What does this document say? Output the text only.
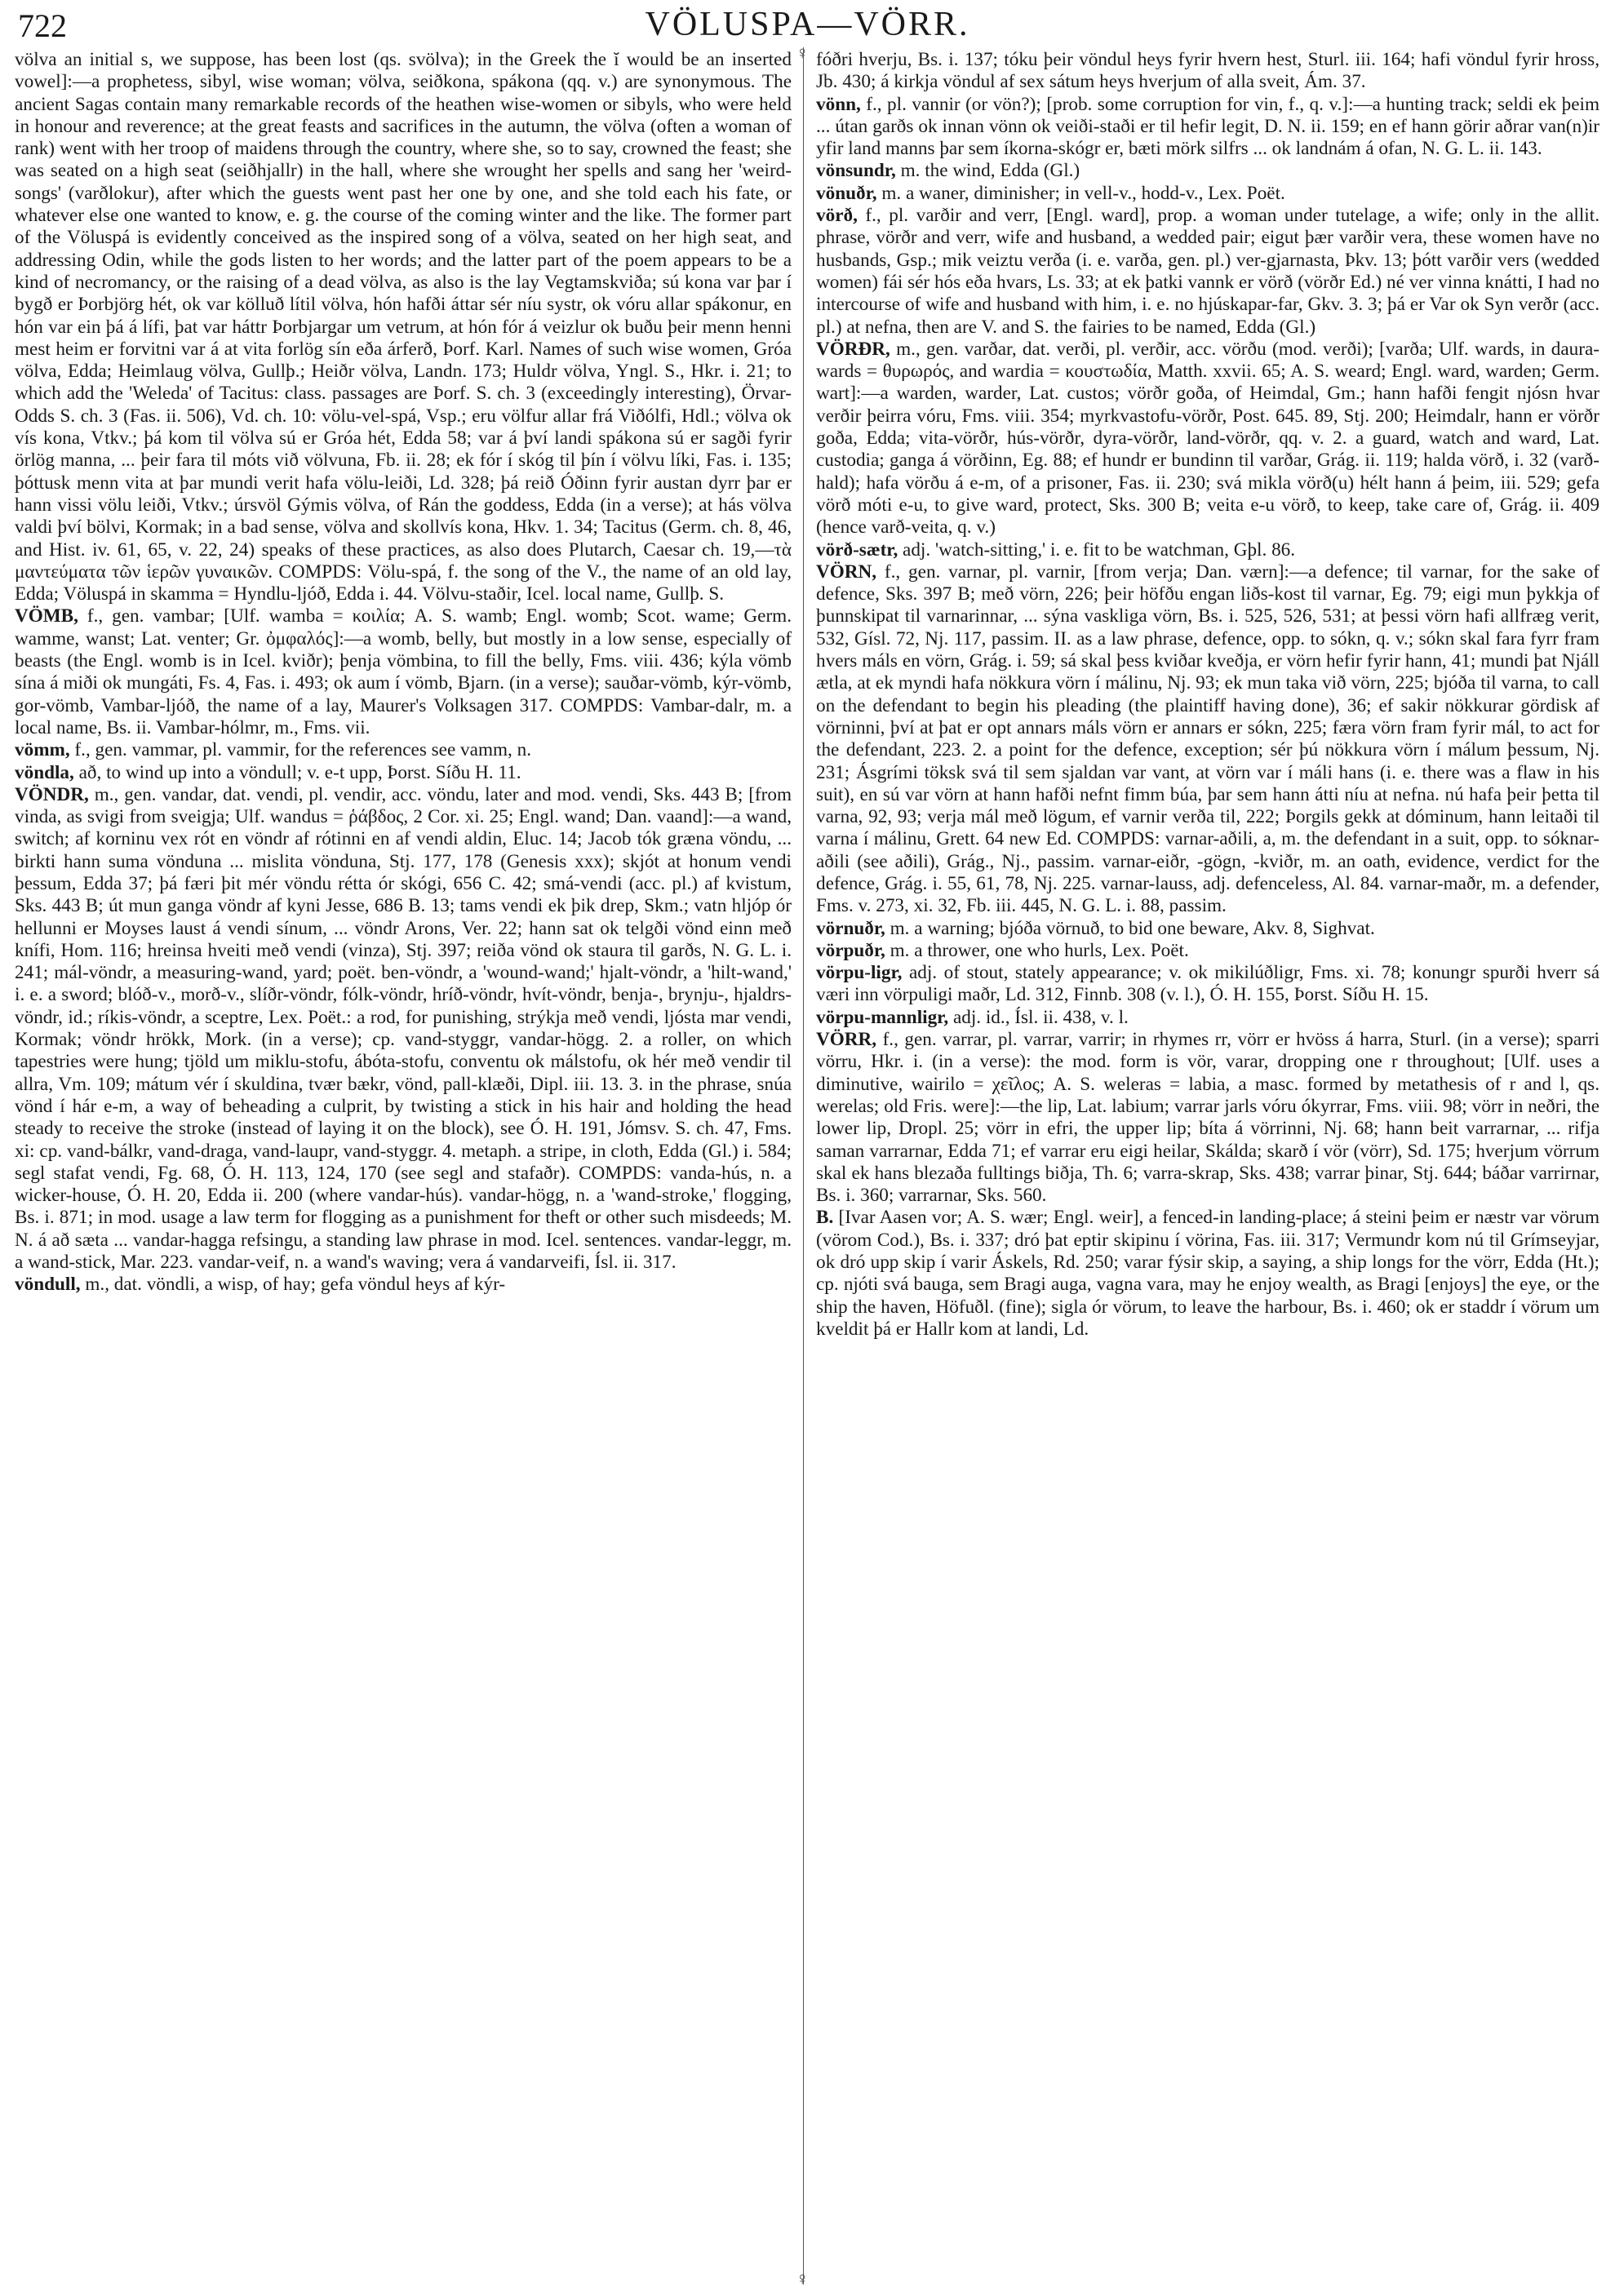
722	VÖLUSPA—VÖRR.

völva an initial s, we suppose, has been lost (qs. svölva); in the Greek the ĭ would be an inserted vowel]:—a prophetess, sibyl, wise woman; völva, seiðkona, spákona (qq. v.) are synonymous. The ancient Sagas contain many remarkable records of the heathen wise-women or sibyls, who were held in honour and reverence; at the great feasts and sacrifices in the autumn, the völva (often a woman of rank) went with her troop of maidens through the country, where she, so to say, crowned the feast; she was seated on a high seat (seiðhjallr) in the hall, where she wrought her spells and sang her 'weird-songs' (varðlokur), after which the guests went past her one by one, and she told each his fate, or whatever else one wanted to know, e. g. the course of the coming winter and the like. The former part of the Völuspá is evidently conceived as the inspired song of a völva, seated on her high seat, and addressing Odin, while the gods listen to her words; and the latter part of the poem appears to be a kind of necromancy, or the raising of a dead völva, as also is the lay Vegtamskviða; sú kona var þar í bygð er Þorbjörg hét, ok var kölluð lítil völva, hón hafði áttar sér níu systr, ok vóru allar spákonur, en hón var ein þá á lífi, þat var háttr Þorbjargar um vetrum, at hón fór á veizlur ok buðu þeir menn henni mest heim er forvitni var á at vita forlög sín eða árferð, Þorf. Karl. Names of such wise women, Gróa völva, Edda; Heimlaug völva, Gullþ.; Heiðr völva, Landn. 173; Huldr völva, Yngl. S., Hkr. i. 21; to which add the 'Weleda' of Tacitus: class. passages are Þorf. S. ch. 3 (exceedingly interesting), Örvar-Odds S. ch. 3 (Fas. ii. 506), Vd. ch. 10: völu-vel-spá, Vsp.; eru völfur allar frá Viðólfi, Hdl.; völva ok vís kona, Vtkv.; þá kom til völva sú er Gróa hét, Edda 58; var á því landi spákona sú er sagði fyrir örlög manna, ... þeir fara til móts við völvuna, Fb. ii. 28; ek fór í skóg til þín í völvu líki, Fas. i. 135; þóttusk menn vita at þar mundi verit hafa völu-leiði, Ld. 328; þá reið Óðinn fyrir austan dyrr þar er hann vissi völu leiði, Vtkv.; úrsvöl Gýmis völva, of Rán the goddess, Edda (in a verse); at hás völva valdi því bölvi, Kormak; in a bad sense, völva and skollvís kona, Hkv. 1. 34; Tacitus (Germ. ch. 8, 46, and Hist. iv. 61, 65, v. 22, 24) speaks of these practices, as also does Plutarch, Caesar ch. 19,—τὰ μαντεύματα τῶν ἱερῶν γυναικῶν. COMPDS: Völu-spá, f. the song of the V., the name of an old lay, Edda; Völuspá in skamma = Hyndlu-ljóð, Edda i. 44. Völvu-staðir, Icel. local name, Gullþ. S.

VÖMB, f., gen. vambar; [Ulf. wamba = κοιλία; A. S. wamb; Engl. womb; Scot. wame; Germ. wamme, wanst; Lat. venter; Gr. ὀμφαλός]:—a womb, belly, but mostly in a low sense, especially of beasts (the Engl. womb is in Icel. kviðr); þenja vömbina, to fill the belly, Fms. viii. 436; kýla vömb sína á miði ok mungáti, Fs. 4, Fas. i. 493; ok aum í vömb, Bjarn. (in a verse); sauðar-vömb, kýr-vömb, gor-vömb, Vambar-ljóð, the name of a lay, Maurer's Volksagen 317. COMPDS: Vambar-dalr, m. a local name, Bs. ii. Vambar-hólmr, m., Fms. vii.

vömm, f., gen. vammar, pl. vammir, for the references see vamm, n.

vöndla, að, to wind up into a vöndull; v. e-t upp, Þorst. Síðu H. 11.

VÖNDR, m., gen. vandar, dat. vendi, pl. vendir, acc. vöndu, later and mod. vendi, Sks. 443 B; [from vinda, as svigi from sveigja; Ulf. wandus = ῥάβδος, 2 Cor. xi. 25; Engl. wand; Dan. vaand]:—a wand, switch; af korninu vex rót en vöndr af rótinni en af vendi aldin, Eluc. 14; Jacob tók græna vöndu, ... birkti hann suma vönduna ... mislita vönduna, Stj. 177, 178 (Genesis xxx); skjót at honum vendi þessum, Edda 37; þá færi þit mér vöndu rétta ór skógi, 656 C. 42; smá-vendi (acc. pl.) af kvistum, Sks. 443 B; út mun ganga vöndr af kyni Jesse, 686 B. 13; tams vendi ek þik drep, Skm.; vatn hljóp ór hellunni er Moyses laust á vendi sínum, ... vöndr Arons, Ver. 22; hann sat ok telgði vönd einn með knífi, Hom. 116; hreinsa hveiti með vendi (vinza), Stj. 397; reiða vönd ok staura til garðs, N. G. L. i. 241; mál-vöndr, a measuring-wand, yard; poët. ben-vöndr, a 'wound-wand;' hjalt-vöndr, a 'hilt-wand,' i. e. a sword; blóð-v., morð-v., slíðr-vöndr, fólk-vöndr, hríð-vöndr, hvít-vöndr, benja-, brynju-, hjaldrs-vöndr, id.; ríkis-vöndr, a sceptre, Lex. Poët.: a rod, for punishing, strýkja með vendi, ljósta mar vendi, Kormak; vöndr hrökk, Mork. (in a verse); cp. vand-styggr, vandar-högg. 2. a roller, on which tapestries were hung; tjöld um miklu-stofu, ábóta-stofu, conventu ok málstofu, ok hér með vendir til allra, Vm. 109; mátum vér í skuldina, tvær bækr, vönd, pall-klæði, Dipl. iii. 13. 3. in the phrase, snúa vönd í hár e-m, a way of beheading a culprit, by twisting a stick in his hair and holding the head steady to receive the stroke (instead of laying it on the block), see Ó. H. 191, Jómsv. S. ch. 47, Fms. xi: cp. vand-bálkr, vand-draga, vand-laupr, vand-styggr. 4. metaph. a stripe, in cloth, Edda (Gl.) i. 584; segl stafat vendi, Fg. 68, Ó. H. 113, 124, 170 (see segl and stafaðr). COMPDS: vanda-hús, n. a wicker-house, Ó. H. 20, Edda ii. 200 (where vandar-hús). vandar-högg, n. a 'wand-stroke,' flogging, Bs. i. 871; in mod. usage a law term for flogging as a punishment for theft or other such misdeeds; M. N. á að sæta ... vandar-hagga refsingu, a standing law phrase in mod. Icel. sentences. vandar-leggr, m. a wand-stick, Mar. 223. vandar-veif, n. a wand's waving; vera á vandarveifi, Ísl. ii. 317.

vöndull, m., dat. vöndli, a wisp, of hay; gefa vöndul heys af kýr-

♀
♀

fóðri hverju, Bs. i. 137; tóku þeir vöndul heys fyrir hvern hest, Sturl. iii. 164; hafi vöndul fyrir hross, Jb. 430; á kirkja vöndul af sex sátum heys hverjum of alla sveit, Ám. 37.

vönn, f., pl. vannir (or vön?); [prob. some corruption for vin, f., q. v.]:—a hunting track; seldi ek þeim ... útan garðs ok innan vönn ok veiði-staði er til hefir legit, D. N. ii. 159; en ef hann görir aðrar van(n)ir yfir land manns þar sem íkorna-skógr er, bæti mörk silfrs ... ok landnám á ofan, N. G. L. ii. 143.

vönsundr, m. the wind, Edda (Gl.)

vönuðr, m. a waner, diminisher; in vell-v., hodd-v., Lex. Poët.

vörð, f., pl. varðir and verr, [Engl. ward], prop. a woman under tutelage, a wife; only in the allit. phrase, vörðr and verr, wife and husband, a wedded pair; eigut þær varðir vera, these women have no husbands, Gsp.; mik veiztu verða (i. e. varða, gen. pl.) ver-gjarnasta, Þkv. 13; þótt varðir vers (wedded women) fái sér hós eða hvars, Ls. 33; at ek þatki vannk er vörð (vörðr Ed.) né ver vinna knátti, I had no intercourse of wife and husband with him, i. e. no hjúskapar-far, Gkv. 3. 3; þá er Var ok Syn verðr (acc. pl.) at nefna, then are V. and S. the fairies to be named, Edda (Gl.)

VÖRÐR, m., gen. varðar, dat. verði, pl. verðir, acc. vörðu (mod. verði); [varða; Ulf. wards, in daura-wards = θυρωρός, and wardia = κουστωδία, Matth. xxvii. 65; A. S. weard; Engl. ward, warden; Germ. wart]:—a warden, warder, Lat. custos; vörðr goða, of Heimdal, Gm.; hann hafði fengit njósn hvar verðir þeirra vóru, Fms. viii. 354; myrkvastofu-vörðr, Post. 645. 89, Stj. 200; Heimdalr, hann er vörðr goða, Edda; vita-vörðr, hús-vörðr, dyra-vörðr, land-vörðr, qq. v. 2. a guard, watch and ward, Lat. custodia; ganga á vörðinn, Eg. 88; ef hundr er bundinn til varðar, Grág. ii. 119; halda vörð, i. 32 (varð-hald); hafa vörðu á e-m, of a prisoner, Fas. ii. 230; svá mikla vörð(u) hélt hann á þeim, iii. 529; gefa vörð móti e-u, to give ward, protect, Sks. 300 B; veita e-u vörð, to keep, take care of, Grág. ii. 409 (hence varð-veita, q. v.)

vörð-sætr, adj. 'watch-sitting,' i. e. fit to be watchman, Gþl. 86.

VÖRN, f., gen. varnar, pl. varnir, [from verja; Dan. værn]:—a defence; til varnar, for the sake of defence, Sks. 397 B; með vörn, 226; þeir höfðu engan liðs-kost til varnar, Eg. 79; eigi mun þykkja of þunnskipat til varnarinnar, ... sýna vaskliga vörn, Bs. i. 525, 526, 531; at þessi vörn hafi allfræg verit, 532, Gísl. 72, Nj. 117, passim. II. as a law phrase, defence, opp. to sókn, q. v.; sókn skal fara fyrr fram hvers máls en vörn, Grág. i. 59; sá skal þess kviðar kveðja, er vörn hefir fyrir hann, 41; mundi þat Njáll ætla, at ek myndi hafa nökkura vörn í málinu, Nj. 93; ek mun taka við vörn, 225; bjóða til varna, to call on the defendant to begin his pleading (the plaintiff having done), 36; ef sakir nökkurar gördisk af vörninni, því at þat er opt annars máls vörn er annars er sókn, 225; færa vörn fram fyrir mál, to act for the defendant, 223. 2. a point for the defence, exception; sér þú nökkura vörn í málum þessum, Nj. 231; Ásgrími töksk svá til sem sjaldan var vant, at vörn var í máli hans (i. e. there was a flaw in his suit), en sú var vörn at hann hafði nefnt fimm búa, þar sem hann átti níu at nefna. nú hafa þeir þetta til varna, 92, 93; verja mál með lögum, ef varnir verða til, 222; Þorgils gekk at dóminum, hann leitaði til varna í málinu, Grett. 64 new Ed. COMPDS: varnar-aðili, a, m. the defendant in a suit, opp. to sóknar-aðili (see aðili), Grág., Nj., passim. varnar-eiðr, -gögn, -kviðr, m. an oath, evidence, verdict for the defence, Grág. i. 55, 61, 78, Nj. 225. varnar-lauss, adj. defenceless, Al. 84. varnar-maðr, m. a defender, Fms. v. 273, xi. 32, Fb. iii. 445, N. G. L. i. 88, passim.

vörnuðr, m. a warning; bjóða vörnuð, to bid one beware, Akv. 8, Sighvat.

vörpuðr, m. a thrower, one who hurls, Lex. Poët.

vörpu-ligr, adj. of stout, stately appearance; v. ok mikilúðligr, Fms. xi. 78; konungr spurði hverr sá væri inn vörpuligi maðr, Ld. 312, Finnb. 308 (v. l.), Ó. H. 155, Þorst. Síðu H. 15.

vörpu-mannligr, adj. id., Ísl. ii. 438, v. l.

VÖRR, f., gen. varrar, pl. varrar, varrir; in rhymes rr, vörr er hvöss á harra, Sturl. (in a verse); sparri vörru, Hkr. i. (in a verse): the mod. form is vör, varar, dropping one r throughout; [Ulf. uses a diminutive, wairilo = χεῖλος; A. S. weleras = labia, a masc. formed by metathesis of r and l, qs. werelas; old Fris. were]:—the lip, Lat. labium; varrar jarls vóru ókyrrar, Fms. viii. 98; vörr in neðri, the lower lip, Dropl. 25; vörr in efri, the upper lip; bíta á vörrinni, Nj. 68; hann beit varrarnar, ... rifja saman varrarnar, Edda 71; ef varrar eru eigi heilar, Skálda; skarð í vör (vörr), Sd. 175; hverjum vörrum skal ek hans blezaða fulltings biðja, Th. 6; varra-skrap, Sks. 438; varrar þinar, Stj. 644; báðar varrirnar, Bs. i. 360; varrarnar, Sks. 560.

B. [Ivar Aasen vor; A. S. wær; Engl. weir], a fenced-in landing-place; á steini þeim er næstr var vörum (vörom Cod.), Bs. i. 337; dró þat eptir skipinu í vörina, Fas. iii. 317; Vermundr kom nú til Grímseyjar, ok dró upp skip í varir Áskels, Rd. 250; varar fýsir skip, a saying, a ship longs for the vörr, Edda (Ht.); cp. njóti svá bauga, sem Bragi auga, vagna vara, may he enjoy wealth, as Bragi [enjoys] the eye, or the ship the haven, Höfuðl. (fine); sigla ór vörum, to leave the harbour, Bs. i. 460; ok er staddr í vörum um kveldit þá er Hallr kom at landi, Ld.
